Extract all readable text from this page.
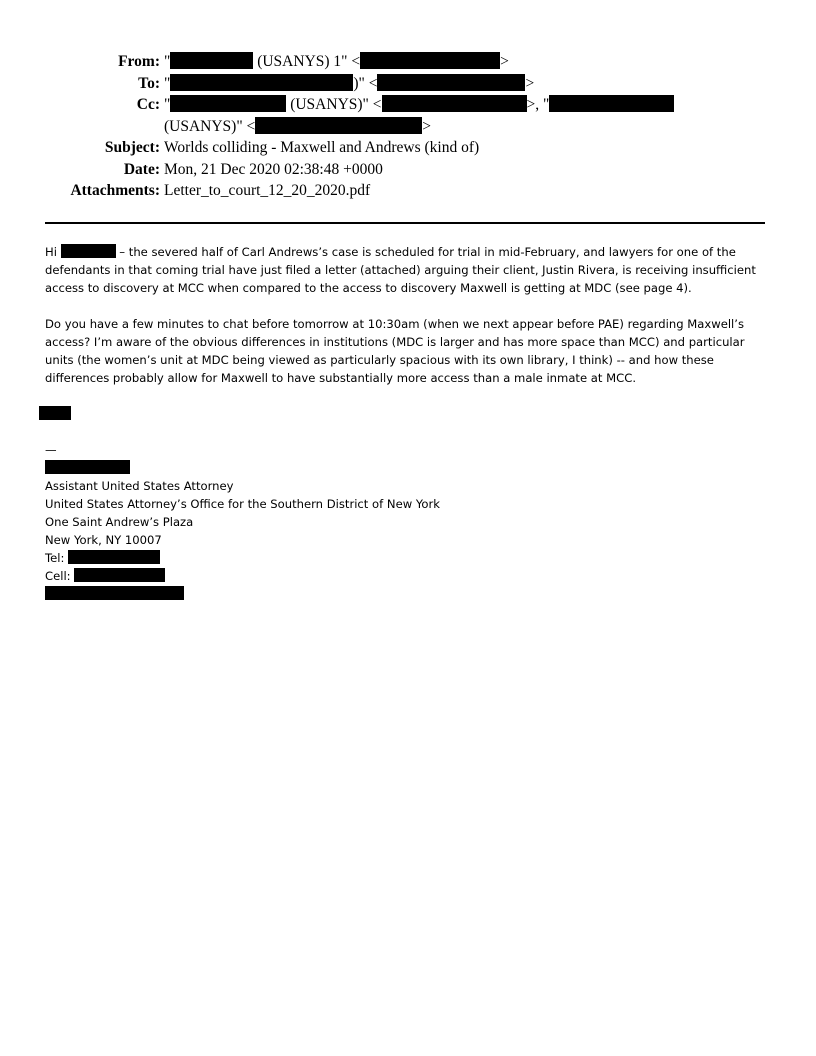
From: "	(USANYS) 1" <	>
To: "	)" <	>
Cc: "	(USANYS)" <	>, "
(USANYS)" <	>
Subject: Worlds colliding - Maxwell and Andrews (kind of)
Date: Mon, 21 Dec 2020 02:38:48 +0000
Attachments: Letter_to_court_12_20_2020.pdf

Hi	– the severed half of Carl Andrews’s case is scheduled for trial in mid-February, and lawyers for one of the
defendants in that coming trial have just filed a letter (attached) arguing their client, Justin Rivera, is receiving insufficient
access to discovery at MCC when compared to the access to discovery Maxwell is getting at MDC (see page 4).

Do you have a few minutes to chat before tomorrow at 10:30am (when we next appear before PAE) regarding Maxwell’s
access? I’m aware of the obvious differences in institutions (MDC is larger and has more space than MCC) and particular
units (the women’s unit at MDC being viewed as particularly spacious with its own library, I think) -- and how these
differences probably allow for Maxwell to have substantially more access than a male inmate at MCC.

—
Assistant United States Attorney
United States Attorney’s Office for the Southern District of New York
One Saint Andrew’s Plaza
New York, NY 10007
Tel:
Cell:
